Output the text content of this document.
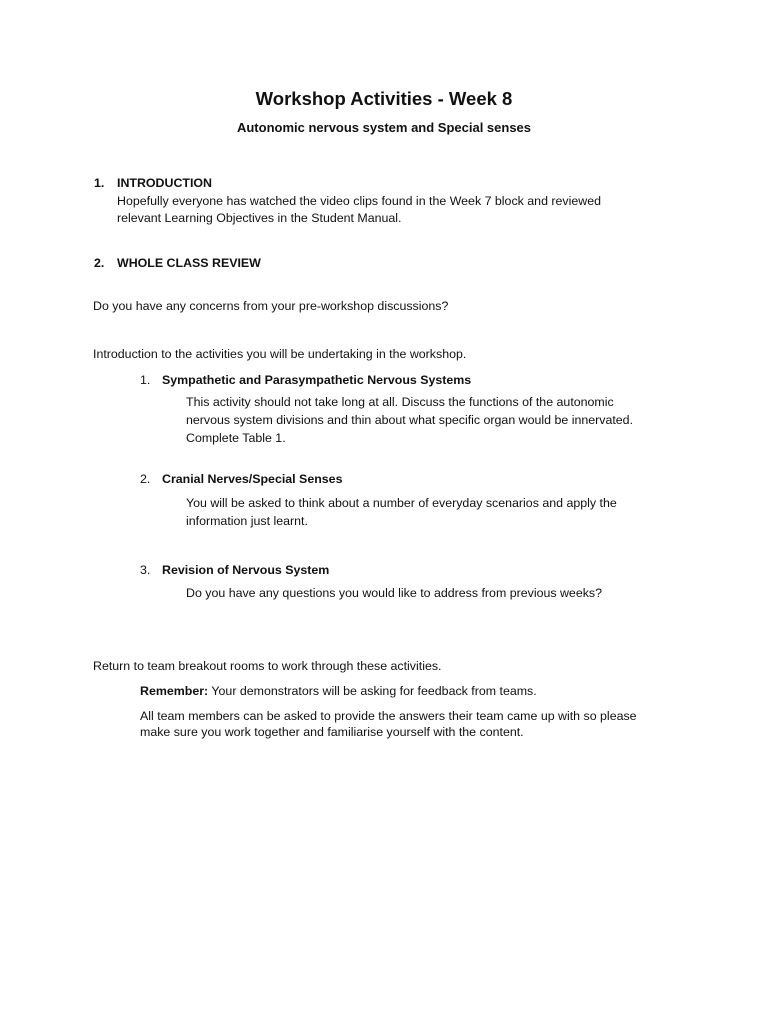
Workshop Activities - Week 8
Autonomic nervous system and Special senses
1. INTRODUCTION
Hopefully everyone has watched the video clips found in the Week 7 block and reviewed
relevant Learning Objectives in the Student Manual.
2. WHOLE CLASS REVIEW
Do you have any concerns from your pre-workshop discussions?
Introduction to the activities you will be undertaking in the workshop.
1. Sympathetic and Parasympathetic Nervous Systems
This activity should not take long at all. Discuss the functions of the autonomic
nervous system divisions and thin about what specific organ would be innervated.
Complete Table 1.
2. Cranial Nerves/Special Senses
You will be asked to think about a number of everyday scenarios and apply the
information just learnt.
3. Revision of Nervous System
Do you have any questions you would like to address from previous weeks?
Return to team breakout rooms to work through these activities.
Remember: Your demonstrators will be asking for feedback from teams.
All team members can be asked to provide the answers their team came up with so please
make sure you work together and familiarise yourself with the content.
